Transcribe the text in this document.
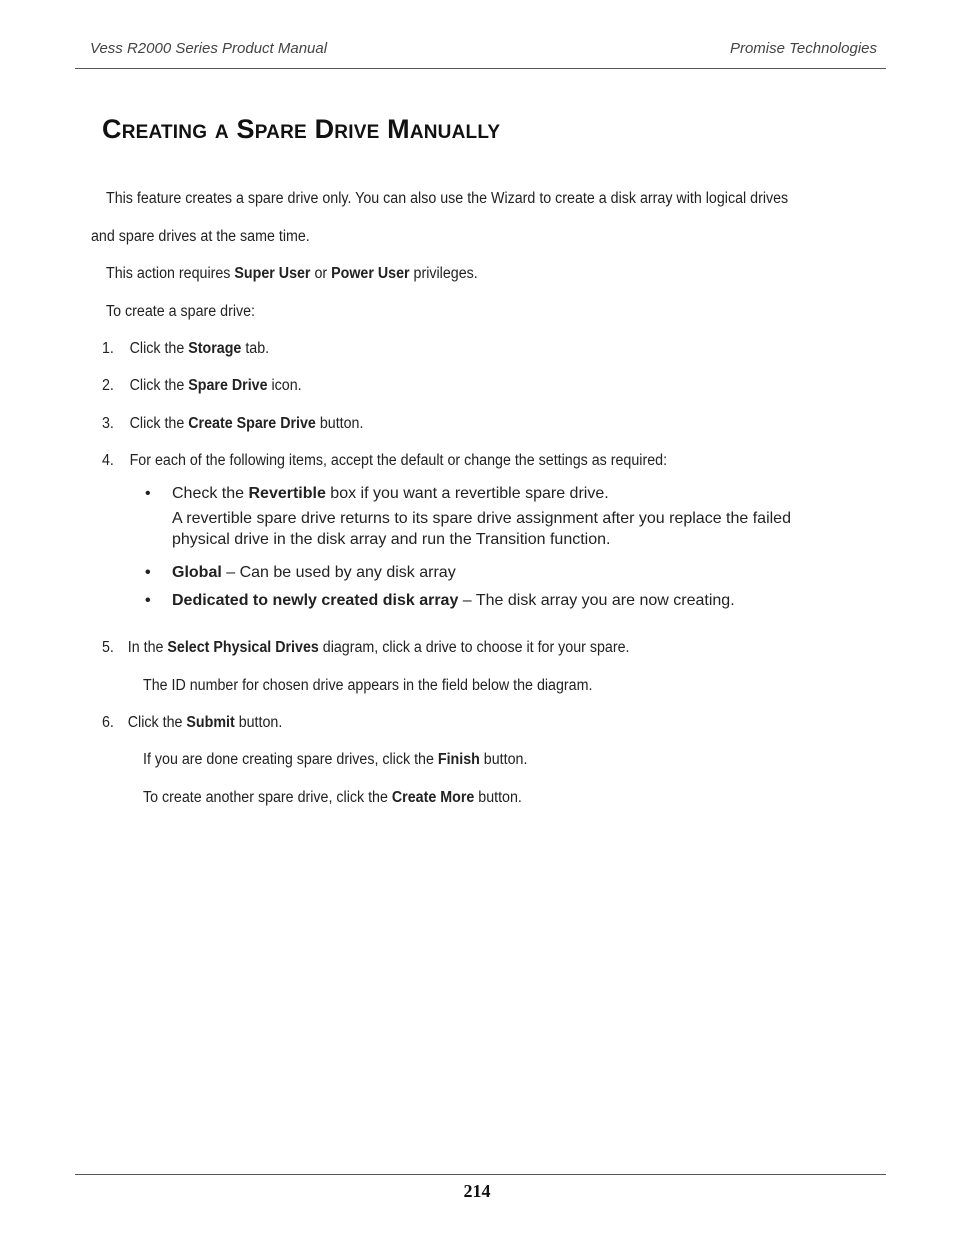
Vess R2000 Series Product Manual	Promise Technologies
Creating a Spare Drive Manually
This feature creates a spare drive only. You can also use the Wizard to create a disk array with logical drives
and spare drives at the same time.
This action requires Super User or Power User privileges.
To create a spare drive:
1. Click the Storage tab.
2. Click the Spare Drive icon.
3. Click the Create Spare Drive button.
4. For each of the following items, accept the default or change the settings as required:
• Check the Revertible box if you want a revertible spare drive.
A revertible spare drive returns to its spare drive assignment after you replace the failed
physical drive in the disk array and run the Transition function.
• Global – Can be used by any disk array
• Dedicated to newly created disk array – The disk array you are now creating.
5. In the Select Physical Drives diagram, click a drive to choose it for your spare.
The ID number for chosen drive appears in the field below the diagram.
6. Click the Submit button.
If you are done creating spare drives, click the Finish button.
To create another spare drive, click the Create More button.
214
